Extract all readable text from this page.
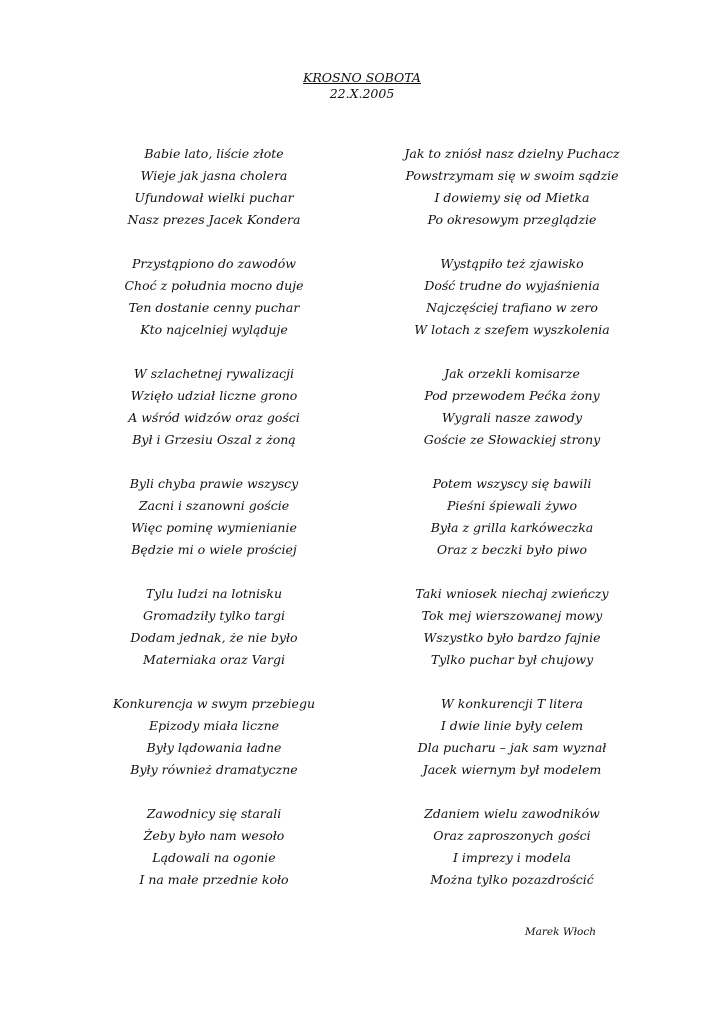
KROSNO SOBOTA
22.X.2005
Babie lato, liście złote
Wieje jak jasna cholera
Ufundował wielki puchar
Nasz prezes Jacek Kondera
Przystąpiono do zawodów
Choć z południa mocno duje
Ten dostanie cenny puchar
Kto najcelniej wyląduje
W szlachetnej rywalizacji
Wzięło udział liczne grono
A wśród widzów oraz gości
Był i Grzesiu Oszal z żoną
Byli chyba prawie wszyscy
Zacni i szanowni goście
Więc pominę wymienianie
Będzie mi o wiele prościej
Tylu ludzi na lotnisku
Gromadziły tylko targi
Dodam jednak, że nie było
Materniaka oraz Vargi
Konkurencja w swym przebiegu
Epizody miała liczne
Były lądowania ładne
Były również dramatyczne
Zawodnicy się starali
Żeby było nam wesoło
Lądowali na ogonie
I na małe przednie koło
Jak to zniósł nasz dzielny Puchacz
Powstrzymam się w swoim sądzie
I dowiemy się od Mietka
Po okresowym przeglądzie
Wystąpiło też zjawisko
Dość trudne do wyjaśnienia
Najczęściej trafiano w zero
W lotach z szefem wyszkolenia
Jak orzekli komisarze
Pod przewodem Pećka żony
Wygrali nasze zawody
Goście ze Słowackiej strony
Potem wszyscy się bawili
Pieśni śpiewali żywo
Była z grilla karkóweczka
Oraz z beczki było piwo
Taki wniosek niechaj zwieńczy
Tok mej wierszowanej mowy
Wszystko było bardzo fajnie
Tylko puchar był chujowy
W konkurencji T litera
I dwie linie były celem
Dla pucharu – jak sam wyznał
Jacek wiernym był modelem
Zdaniem wielu zawodników
Oraz zaproszonych gości
I imprezy i modela
Można tylko pozazdrościć
Marek Włoch
